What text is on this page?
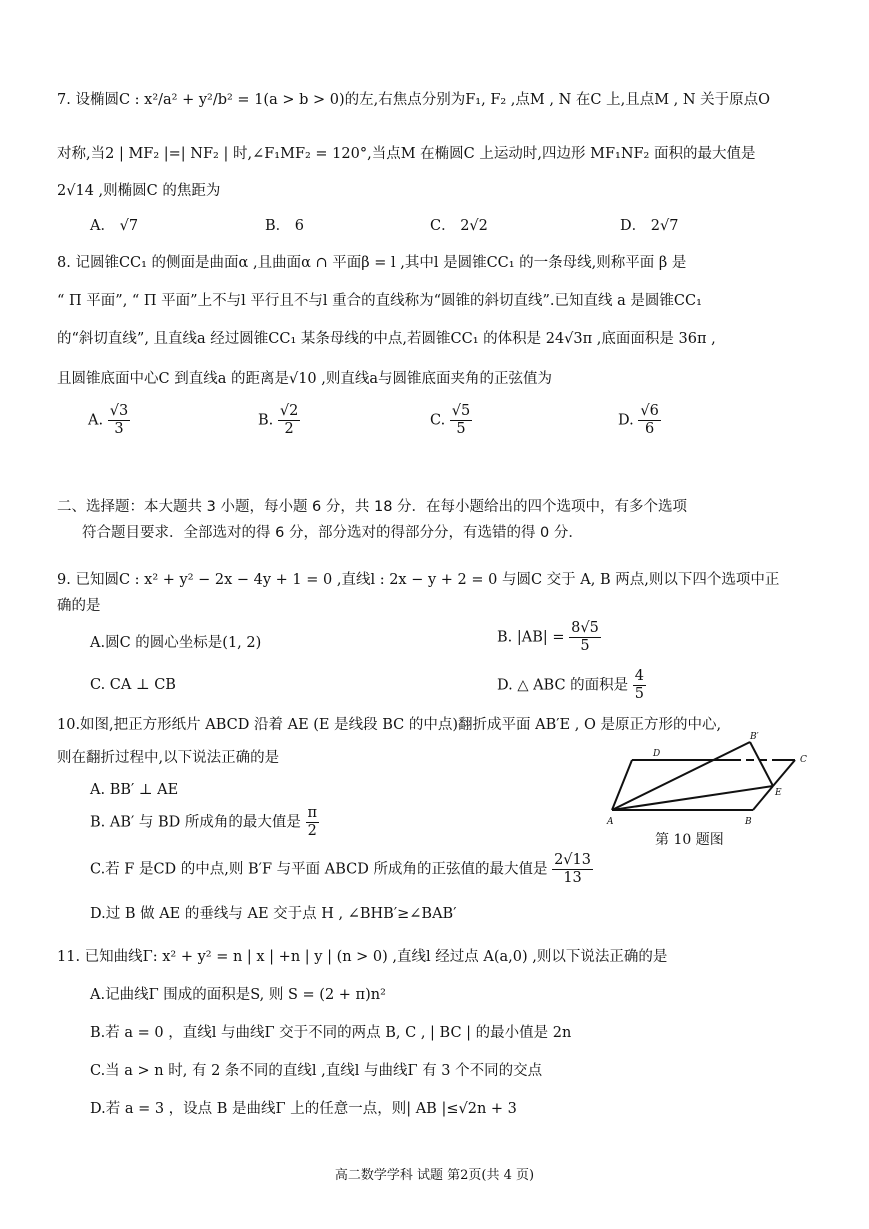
7. 设椭圆C : x²/a² + y²/b² = 1(a > b > 0)的左,右焦点分别为F₁, F₂ ,点M , N 在C 上,且点M , N 关于原点O
对称,当2 | MF₂ |=| NF₂ | 时,∠F₁MF₂ = 120°,当点M 在椭圆C 上运动时,四边形 MF₁NF₂ 面积的最大值是
2√14 ,则椭圆C 的焦距为
A． √7	B． 6	C． 2√2	D． 2√7
8. 记圆锥CC₁ 的侧面是曲面α ,且曲面α ∩ 平面β = l ,其中l 是圆锥CC₁ 的一条母线,则称平面 β 是
“ Π 平面”, “ Π 平面”上不与l 平行且不与l 重合的直线称为“圆锥的斜切直线”.已知直线 a 是圆锥CC₁
的“斜切直线”, 且直线a 经过圆锥CC₁ 某条母线的中点,若圆锥CC₁ 的体积是 24√3π ,底面面积是 36π ,
且圆锥底面中心C 到直线a 的距离是√10 ,则直线a与圆锥底面夹角的正弦值为
A. $\frac{√3}{3}$	B. $\frac{√2}{2}$	C. $\frac{√5}{5}$	D. $\frac{√6}{6}$
二、选择题：本大题共 3 小题，每小题 6 分，共 18 分．在每小题给出的四个选项中，有多个选项
符合题目要求．全部选对的得 6 分，部分选对的得部分分，有选错的得 0 分．
9. 已知圆C : x² + y² − 2x − 4y + 1 = 0 ,直线l : 2x − y + 2 = 0 与圆C 交于 A, B 两点,则以下四个选项中正
确的是
A.圆C 的圆心坐标是(1, 2)	B. $|AB| = \frac{8√5}{5}$
C. CA ⊥ CB	D. △ ABC 的面积是 $\frac{4}{5}$
10.如图,把正方形纸片 ABCD 沿着 AE (E 是线段 BC 的中点)翻折成平面 AB′E , O 是原正方形的中心,
则在翻折过程中,以下说法正确的是
A. BB′ ⊥ AE
B. AB′ 与 BD 所成角的最大值是 $\frac{\pi}{2}$
C.若 F 是CD 的中点,则 B′F 与平面 ABCD 所成角的正弦值的最大值是 $\frac{2√13}{13}$
D.过 B 做 AE 的垂线与 AE 交于点 H , ∠BHB′≥∠BAB′
A	B
C
D
E
B′
第 10 题图
11. 已知曲线Γ: x² + y² = n | x | +n | y | (n > 0) ,直线l 经过点 A(a,0) ,则以下说法正确的是
A.记曲线Γ 围成的面积是S, 则 S = (2 + π)n²
B.若 a = 0 ，直线l 与曲线Γ 交于不同的两点 B, C , | BC | 的最小值是 2n
C.当 a > n 时, 有 2 条不同的直线l ,直线l 与曲线Γ 有 3 个不同的交点
D.若 a = 3 ，设点 B 是曲线Γ 上的任意一点，则| AB |≤√2n + 3
高二数学学科 试题 第2页(共 4 页)
